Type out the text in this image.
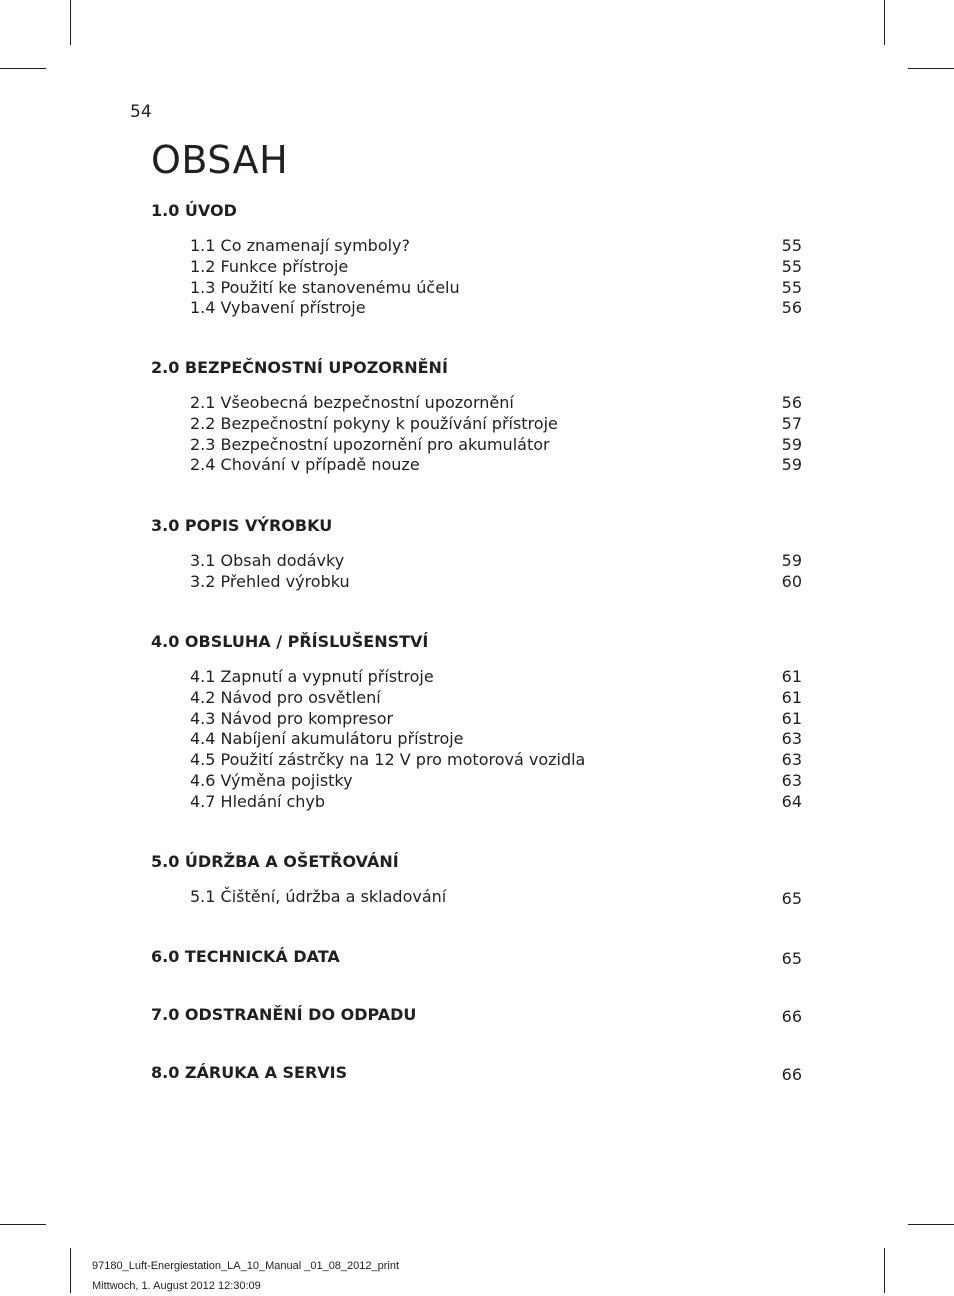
54
OBSAH
1.0 ÚVOD
1.1 Co znamenají symboly?	55
1.2 Funkce přístroje	55
1.3 Použití ke stanovenému účelu	55
1.4 Vybavení přístroje	56
2.0 BEZPEČNOSTNÍ UPOZORNĚNÍ
2.1 Všeobecná bezpečnostní upozornění	56
2.2 Bezpečnostní pokyny k používání přístroje	57
2.3 Bezpečnostní upozornění pro akumulátor	59
2.4 Chování v případě nouze	59
3.0 POPIS VÝROBKU
3.1 Obsah dodávky	59
3.2 Přehled výrobku	60
4.0 OBSLUHA / PŘÍSLUŠENSTVÍ
4.1 Zapnutí a vypnutí přístroje	61
4.2 Návod pro osvětlení	61
4.3 Návod pro kompresor	61
4.4 Nabíjení akumulátoru přístroje	63
4.5 Použití zástrčky na 12 V pro motorová vozidla	63
4.6 Výměna pojistky	63
4.7 Hledání chyb	64
5.0 ÚDRŽBA A OŠETŘOVÁNÍ
5.1 Čištění, údržba a skladování	65
6.0 TECHNICKÁ DATA	65
7.0 ODSTRANĚNÍ DO ODPADU	66
8.0 ZÁRUKA A SERVIS	66
97180_Luft-Energiestation_LA_10_Manual _01_08_2012_print
Mittwoch, 1. August 2012 12:30:09
